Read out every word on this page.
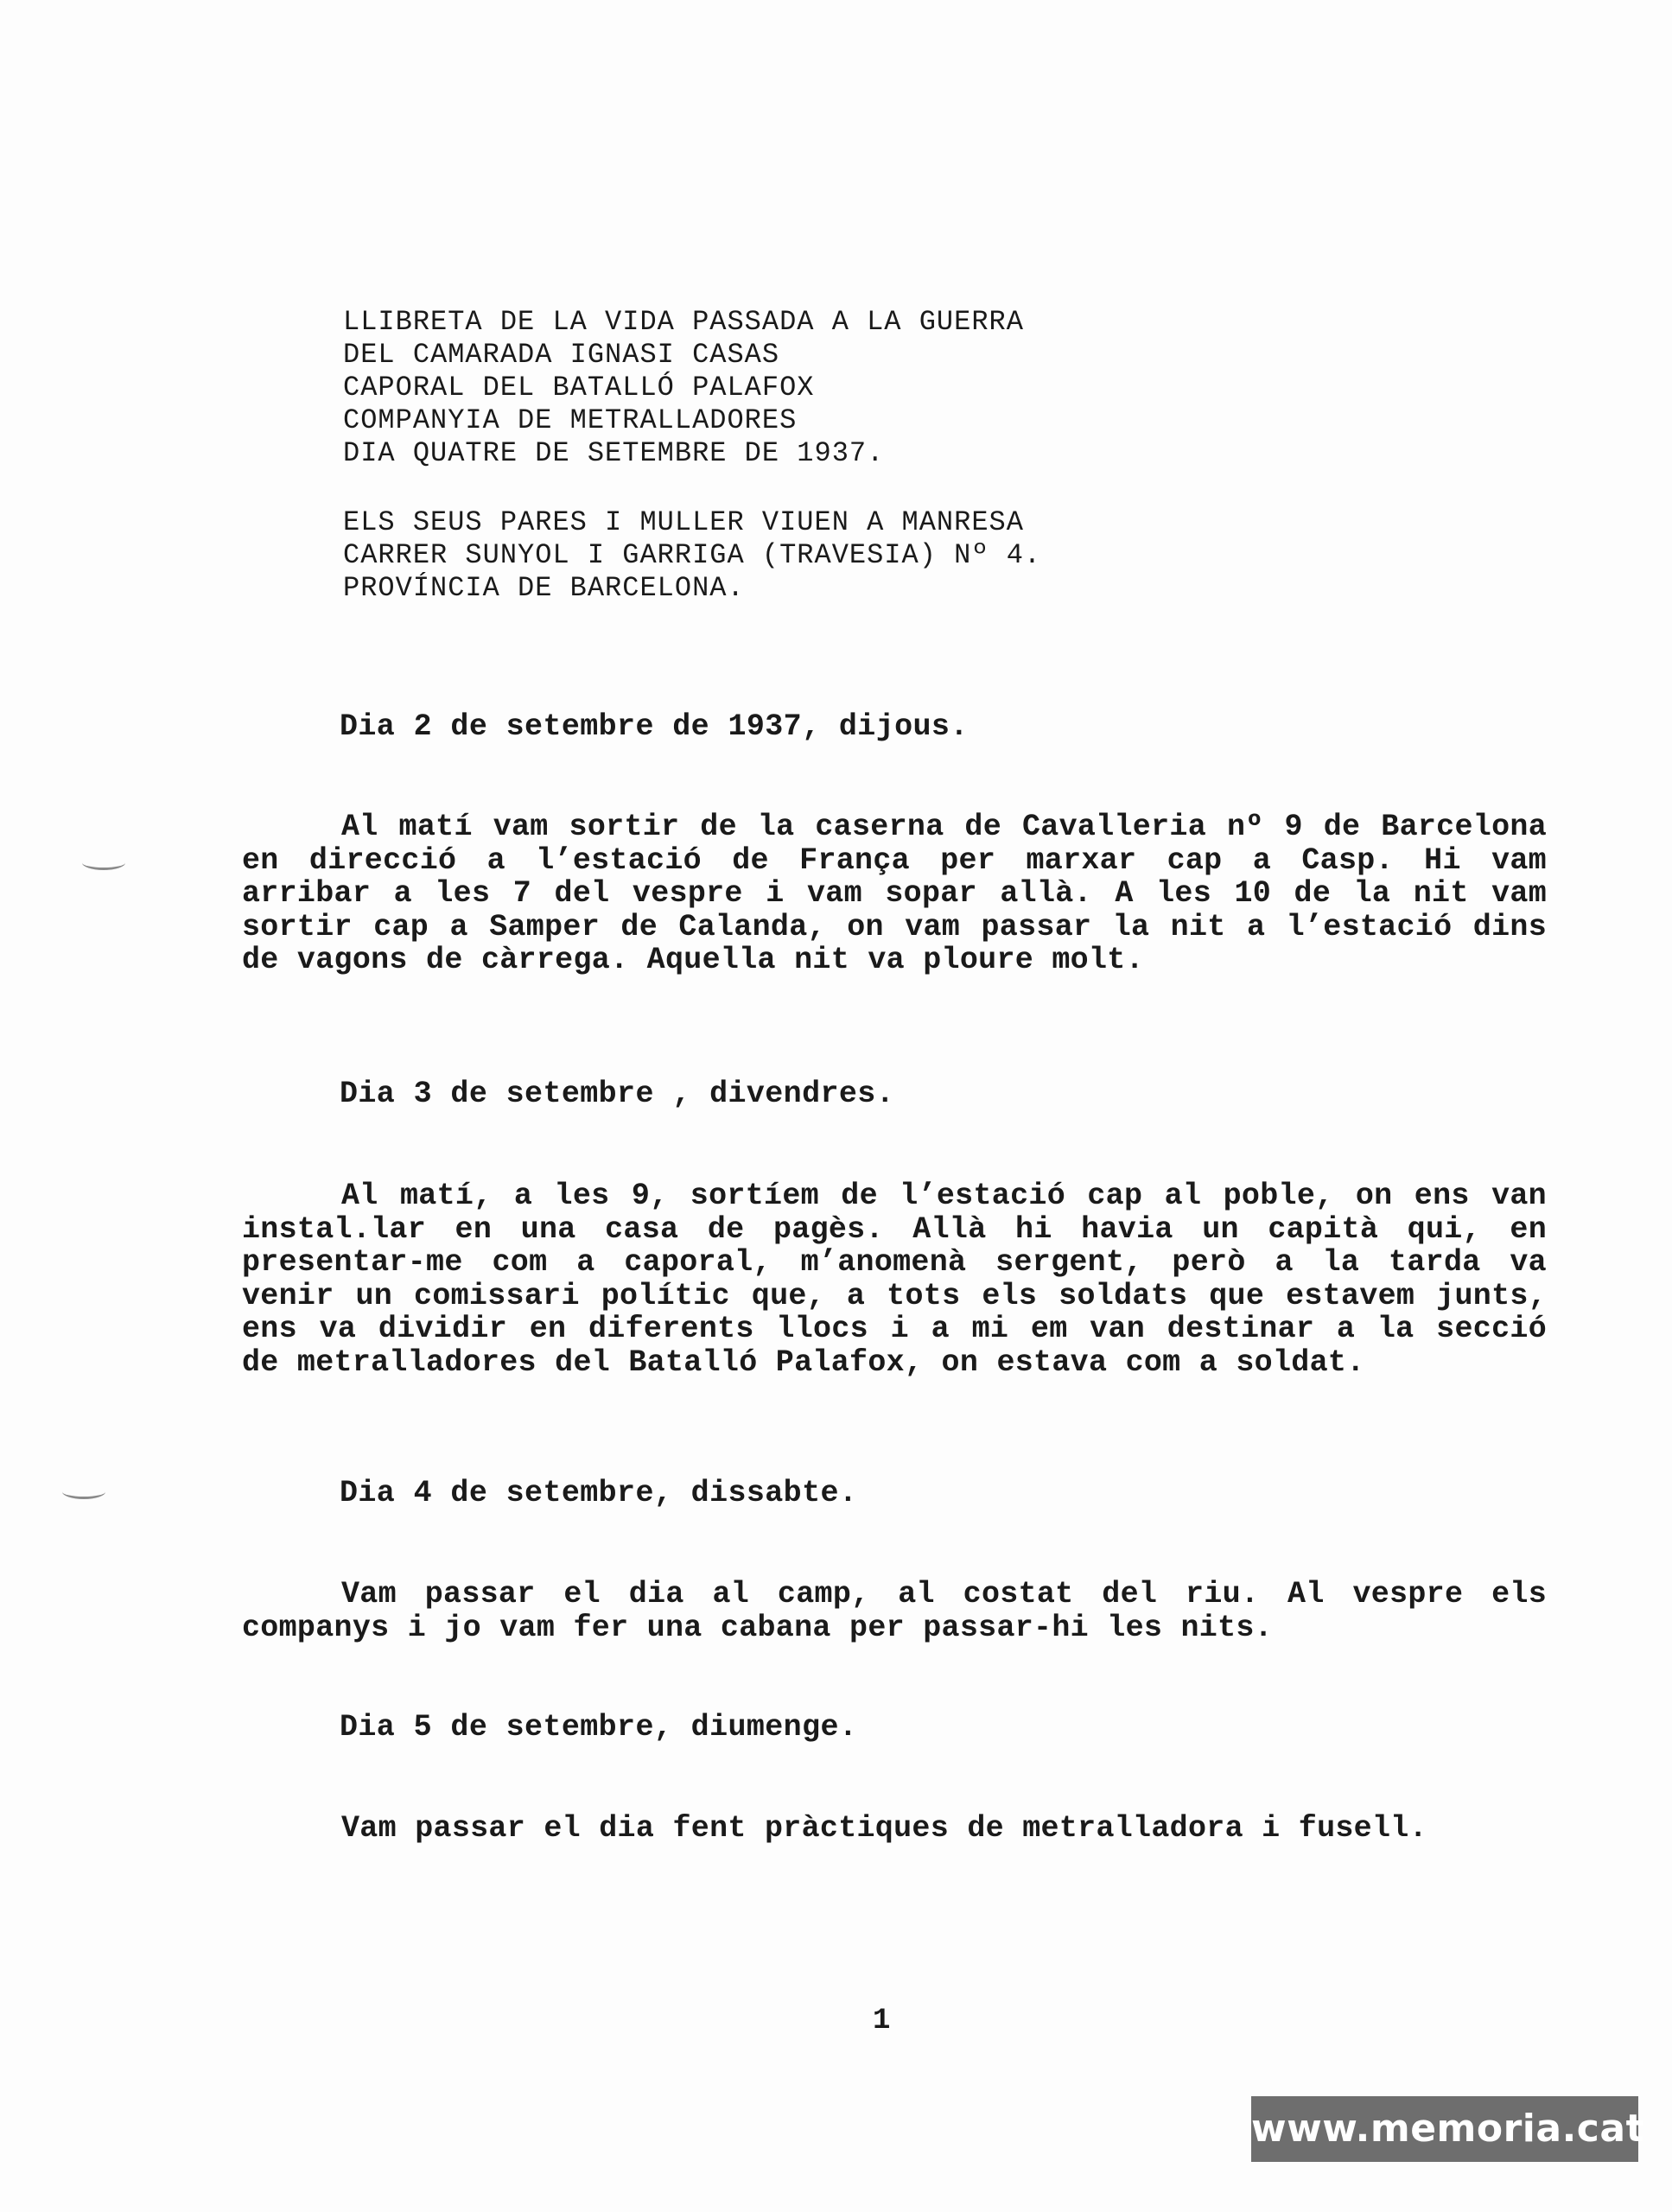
LLIBRETA DE LA VIDA PASSADA A LA GUERRA
DEL CAMARADA IGNASI CASAS
CAPORAL DEL BATALLÓ PALAFOX
COMPANYIA DE METRALLADORES
DIA QUATRE DE SETEMBRE DE 1937.
ELS SEUS PARES I MULLER VIUEN A MANRESA
CARRER SUNYOL I GARRIGA (TRAVESIA) Nº 4.
PROVÍNCIA DE BARCELONA.
Dia 2 de setembre de 1937, dijous.
Al matí vam sortir de la caserna de Cavalleria nº 9 de Barcelona en direcció a l’estació de França per marxar cap a Casp. Hi vam arribar a les 7 del vespre i vam sopar allà. A les 10 de la nit vam sortir cap a Samper de Calanda, on vam passar la nit a l’estació dins de vagons de càrrega. Aquella nit va ploure molt.
Dia 3 de setembre , divendres.
Al matí, a les 9, sortíem de l’estació cap al poble, on ens van instal.lar en una casa de pagès. Allà hi havia un capità qui, en presentar-me com a caporal, m’anomenà sergent, però a la tarda va venir un comissari polític que, a tots els soldats que estavem junts, ens va dividir en diferents llocs i a mi em van destinar a la secció de metralladores del Batalló Palafox, on estava com a soldat.
Dia 4 de setembre, dissabte.
Vam passar el dia al camp, al costat del riu. Al vespre els companys i jo vam fer una cabana per passar-hi les nits.
Dia 5 de setembre, diumenge.
Vam passar el dia fent pràctiques de metralladora i fusell.
1
www.memoria.cat
